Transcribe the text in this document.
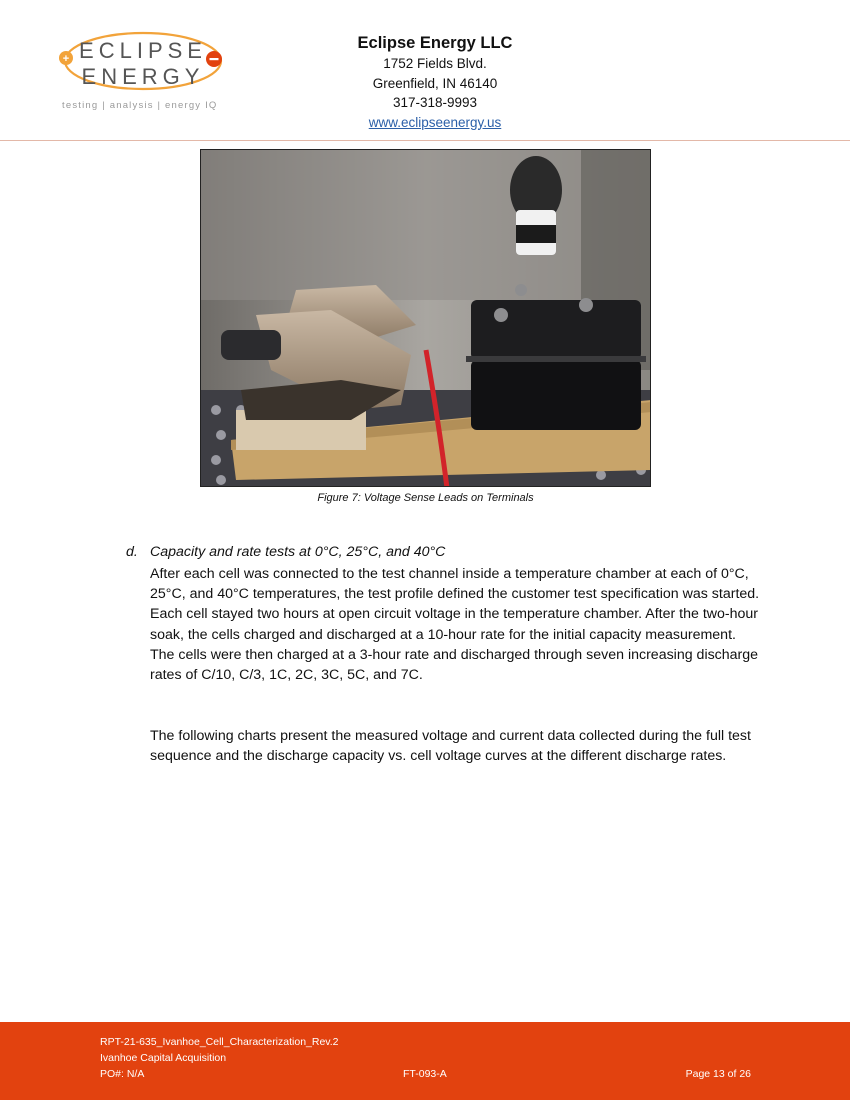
+ ECLIPSE
ENERGY
testing | analysis | energy IQ
Eclipse Energy LLC
1752 Fields Blvd.
Greenfield, IN 46140
317-318-9993
www.eclipseenergy.us
Figure 7: Voltage Sense Leads on Terminals
d. Capacity and rate tests at 0°C, 25°C, and 40°C

After each cell was connected to the test channel inside a temperature chamber at each of 0°C, 25°C, and 40°C temperatures, the test profile defined the customer test specification was started. Each cell stayed two hours at open circuit voltage in the temperature chamber. After the two-hour soak, the cells charged and discharged at a 10-hour rate for the initial capacity measurement. The cells were then charged at a 3-hour rate and discharged through seven increasing discharge rates of C/10, C/3, 1C, 2C, 3C, 5C, and 7C.

The following charts present the measured voltage and current data collected during the full test sequence and the discharge capacity vs. cell voltage curves at the different discharge rates.

RPT-21-635_Ivanhoe_Cell_Characterization_Rev.2
Ivanhoe Capital Acquisition
PO#: N/A	FT-093-A	Page 13 of 26
